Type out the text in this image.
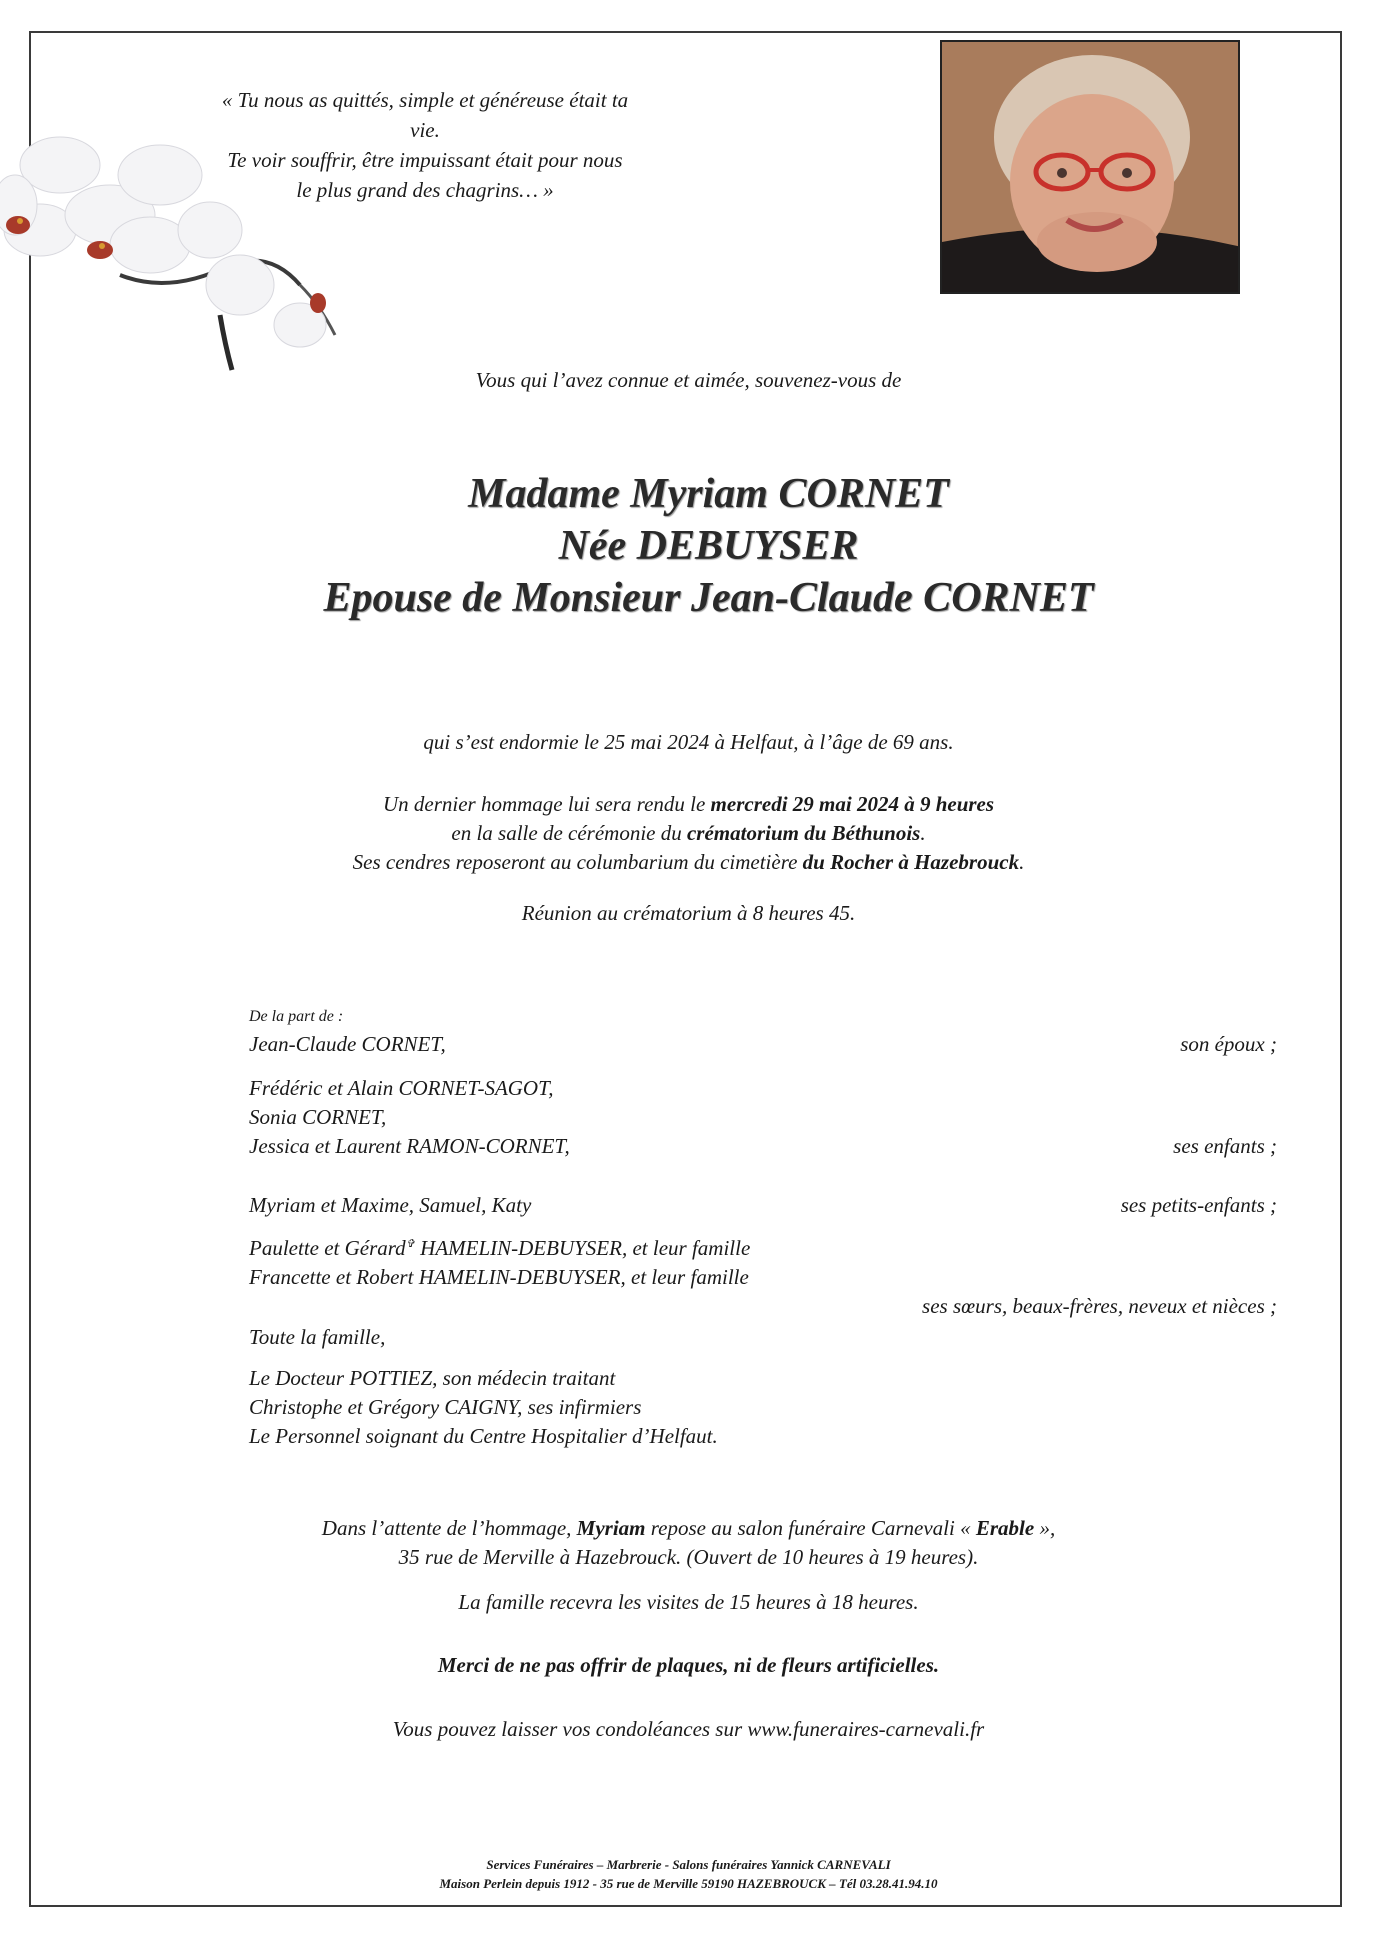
« Tu nous as quittés, simple et généreuse était ta vie.
Te voir souffrir, être impuissant était pour nous
le plus grand des chagrins… »
Vous qui l’avez connue et aimée, souvenez-vous de
Madame Myriam CORNET
Née DEBUYSER
Epouse de Monsieur Jean-Claude CORNET
qui s’est endormie le 25 mai 2024 à Helfaut, à l’âge de 69 ans.
Un dernier hommage lui sera rendu le mercredi 29 mai 2024 à 9 heures
en la salle de cérémonie du crématorium du Béthunois.
Ses cendres reposeront au columbarium du cimetière du Rocher à Hazebrouck.
Réunion au crématorium à 8 heures 45.
De la part de :
Jean-Claude CORNET,	son époux ;
Frédéric et Alain CORNET-SAGOT,
Sonia CORNET,
Jessica et Laurent RAMON-CORNET,	ses enfants ;
Myriam et Maxime, Samuel, Katy	ses petits-enfants ;
Paulette et Gérard✞ HAMELIN-DEBUYSER, et leur famille
Francette et Robert HAMELIN-DEBUYSER, et leur famille
ses sœurs, beaux-frères, neveux et nièces ;
Toute la famille,
Le Docteur POTTIEZ, son médecin traitant
Christophe et Grégory CAIGNY, ses infirmiers
Le Personnel soignant du Centre Hospitalier d’Helfaut.
Dans l’attente de l’hommage, Myriam repose au salon funéraire Carnevali « Erable »,
35 rue de Merville à Hazebrouck. (Ouvert de 10 heures à 19 heures).
La famille recevra les visites de 15 heures à 18 heures.
Merci de ne pas offrir de plaques, ni de fleurs artificielles.
Vous pouvez laisser vos condoléances sur www.funeraires-carnevali.fr
Services Funéraires – Marbrerie - Salons funéraires Yannick CARNEVALI
Maison Perlein depuis 1912 - 35 rue de Merville 59190 HAZEBROUCK – Tél 03.28.41.94.10
